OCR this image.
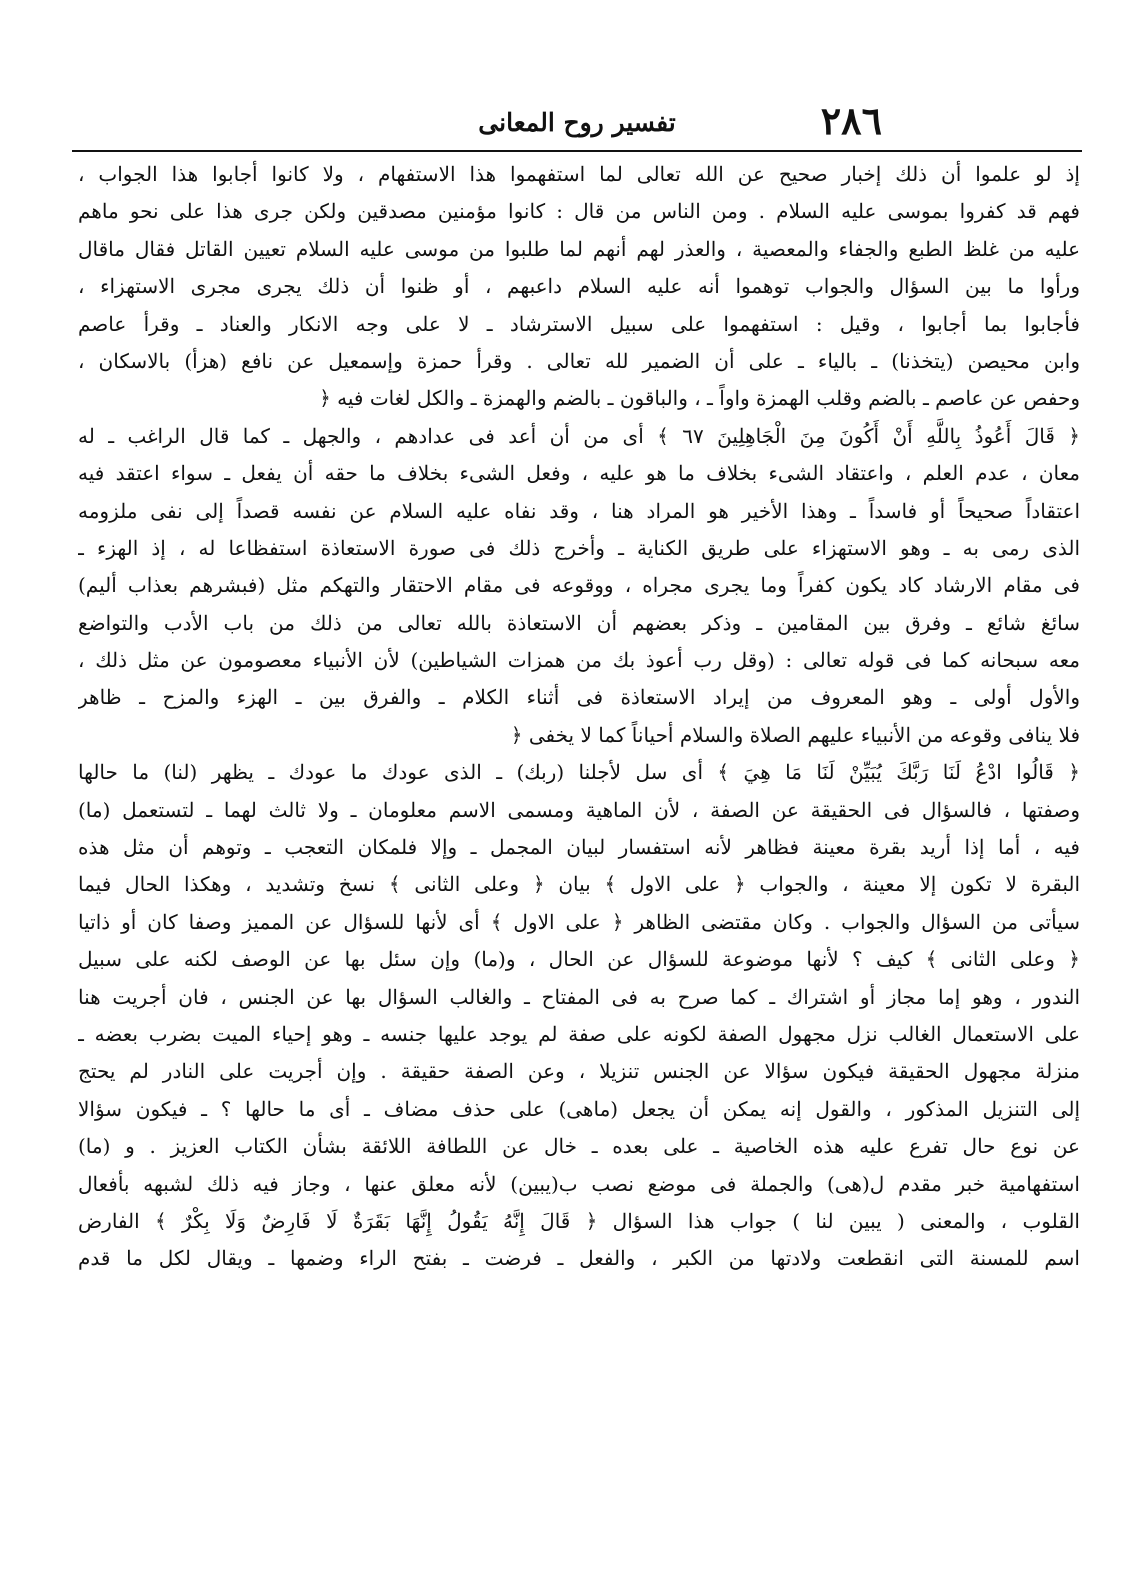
٢٨٦
تفسير روح المعانى
إذ لو علموا أن ذلك إخبار صحيح عن الله تعالى لما استفهموا هذا الاستفهام ، ولا كانوا أجابوا هذا الجواب ،
فهم قد كفروا بموسى عليه السلام . ومن الناس من قال : كانوا مؤمنين مصدقين ولكن جرى هذا على نحو ماهم
عليه من غلظ الطبع والجفاء والمعصية ، والعذر لهم أنهم لما طلبوا من موسى عليه السلام تعيين القاتل فقال ماقال
ورأوا ما بين السؤال والجواب توهموا أنه عليه السلام داعبهم ، أو ظنوا أن ذلك يجرى مجرى الاستهزاء ،
فأجابوا بما أجابوا ، وقيل : استفهموا على سبيل الاسترشاد ـ لا على وجه الانكار والعناد ـ وقرأ عاصم
وابن محيصن (يتخذنا) ـ بالياء ـ على أن الضمير لله تعالى . وقرأ حمزة وإسمعيل عن نافع (هزأ) بالاسكان ،
وحفص عن عاصم ـ بالضم وقلب الهمزة واواً ـ ، والباقون ـ بالضم والهمزة ـ والكل لغات فيه ﴿
﴿ قَالَ أَعُوذُ بِاللَّهِ أَنْ أَكُونَ مِنَ الْجَاهِلِينَ ٦٧ ﴾ أى من أن أعد فى عدادهم ، والجهل ـ كما قال الراغب ـ له
معان ، عدم العلم ، واعتقاد الشىء بخلاف ما هو عليه ، وفعل الشىء بخلاف ما حقه أن يفعل ـ سواء اعتقد فيه
اعتقاداً صحيحاً أو فاسداً ـ وهذا الأخير هو المراد هنا ، وقد نفاه عليه السلام عن نفسه قصداً إلى نفى ملزومه
الذى رمى به ـ وهو الاستهزاء على طريق الكناية ـ وأخرج ذلك فى صورة الاستعاذة استفظاعا له ، إذ الهزء ـ
فى مقام الارشاد كاد يكون كفراً وما يجرى مجراه ، ووقوعه فى مقام الاحتقار والتهكم مثل (فبشرهم بعذاب أليم)
سائغ شائع ـ وفرق بين المقامين ـ وذكر بعضهم أن الاستعاذة بالله تعالى من ذلك من باب الأدب والتواضع
معه سبحانه كما فى قوله تعالى : (وقل رب أعوذ بك من همزات الشياطين) لأن الأنبياء معصومون عن مثل ذلك ،
والأول أولى ـ وهو المعروف من إيراد الاستعاذة فى أثناء الكلام ـ والفرق بين ـ الهزء والمزح ـ ظاهر
فلا ينافى وقوعه من الأنبياء عليهم الصلاة والسلام أحياناً كما لا يخفى ﴿
﴿ قَالُوا ادْعُ لَنَا رَبَّكَ يُبَيِّنْ لَنَا مَا هِيَ ﴾ أى سل لأجلنا (ربك) ـ الذى عودك ما عودك ـ يظهر (لنا) ما حالها
وصفتها ، فالسؤال فى الحقيقة عن الصفة ، لأن الماهية ومسمى الاسم معلومان ـ ولا ثالث لهما ـ لتستعمل (ما)
فيه ، أما إذا أريد بقرة معينة فظاهر لأنه استفسار لبيان المجمل ـ وإلا فلمكان التعجب ـ وتوهم أن مثل هذه
البقرة لا تكون إلا معينة ، والجواب ﴿ على الاول ﴾ بيان ﴿ وعلى الثانى ﴾ نسخ وتشديد ، وهكذا الحال فيما
سيأتى من السؤال والجواب . وكان مقتضى الظاهر ﴿ على الاول ﴾ أى لأنها للسؤال عن المميز وصفا كان أو ذاتيا
﴿ وعلى الثانى ﴾ كيف ؟ لأنها موضوعة للسؤال عن الحال ، و(ما) وإن سئل بها عن الوصف لكنه على سبيل
الندور ، وهو إما مجاز أو اشتراك ـ كما صرح به فى المفتاح ـ والغالب السؤال بها عن الجنس ، فان أجريت هنا
على الاستعمال الغالب نزل مجهول الصفة لكونه على صفة لم يوجد عليها جنسه ـ وهو إحياء الميت بضرب بعضه ـ
منزلة مجهول الحقيقة فيكون سؤالا عن الجنس تنزيلا ، وعن الصفة حقيقة . وإن أجريت على النادر لم يحتج
إلى التنزيل المذكور ، والقول إنه يمكن أن يجعل (ماهى) على حذف مضاف ـ أى ما حالها ؟ ـ فيكون سؤالا
عن نوع حال تفرع عليه هذه الخاصية ـ على بعده ـ خال عن اللطافة اللائقة بشأن الكتاب العزيز . و (ما)
استفهامية خبر مقدم ل(هى) والجملة فى موضع نصب ب(يبين) لأنه معلق عنها ، وجاز فيه ذلك لشبهه بأفعال
القلوب ، والمعنى ( يبين لنا ) جواب هذا السؤال ﴿ قَالَ إِنَّهُ يَقُولُ إِنَّهَا بَقَرَةٌ لَا فَارِضٌ وَلَا بِكْرٌ ﴾ الفارض
اسم للمسنة التى انقطعت ولادتها من الكبر ، والفعل ـ فرضت ـ بفتح الراء وضمها ـ ويقال لكل ما قدم
